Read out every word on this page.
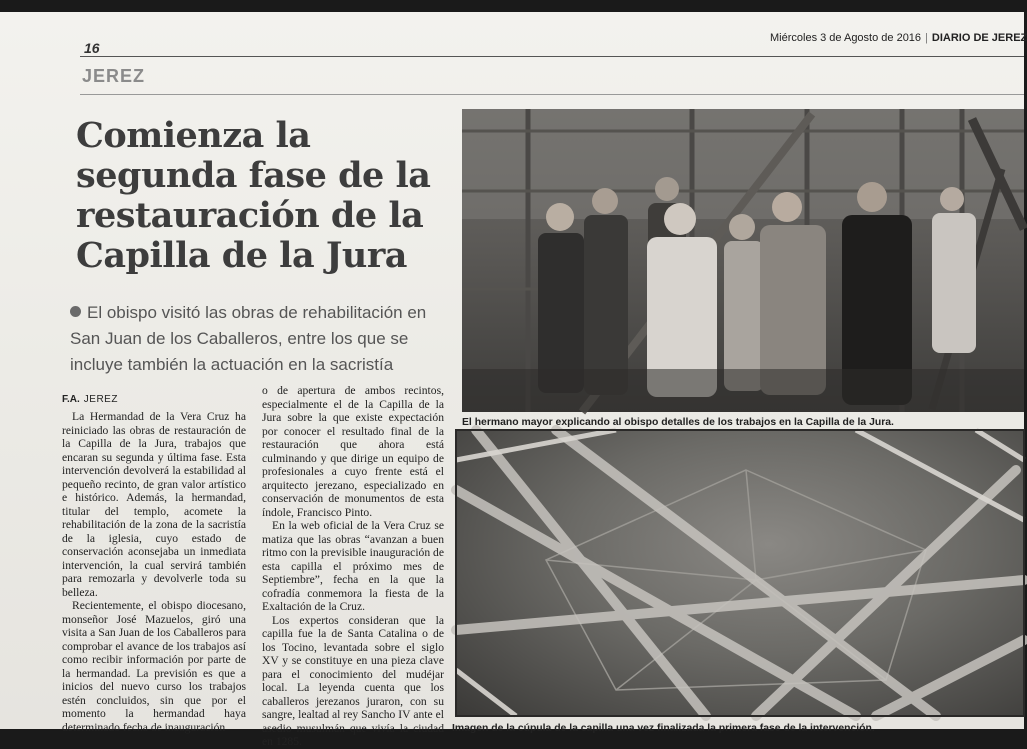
16
Miércoles 3 de Agosto de 2016 | DIARIO DE JEREZ
JEREZ
Comienza la segunda fase de la restauración de la Capilla de la Jura
El obispo visitó las obras de rehabilitación en San Juan de los Caballeros, entre los que se incluye también la actuación en la sacristía
F.A. JEREZ

La Hermandad de la Vera Cruz ha reiniciado las obras de restauración de la Capilla de la Jura, trabajos que encaran su segunda y última fase. Esta intervención devolverá la estabilidad al pequeño recinto, de gran valor artístico e histórico. Además, la hermandad, titular del templo, acomete la rehabilitación de la zona de la sacristía de la iglesia, cuyo estado de conservación aconsejaba un inmediata intervención, la cual servirá también para remozarla y devolverle toda su belleza.

Recientemente, el obispo diocesano, monseñor José Mazuelos, giró una visita a San Juan de los Caballeros para comprobar el avance de los trabajos así como recibir información por parte de la hermandad. La previsión es que a inicios del nuevo curso los trabajos estén concluidos, sin que por el momento la hermandad haya determinado fecha de inauguración

o de apertura de ambos recintos, especialmente el de la Capilla de la Jura sobre la que existe expectación por conocer el resultado final de la restauración que ahora está culminando y que dirige un equipo de profesionales a cuyo frente está el arquitecto jerezano, especializado en conservación de monumentos de esta índole, Francisco Pinto.

En la web oficial de la Vera Cruz se matiza que las obras “avanzan a buen ritmo con la previsible inauguración de esta capilla el próximo mes de Septiembre”, fecha en la que la cofradía conmemora la fiesta de la Exaltación de la Cruz.

Los expertos consideran que la capilla fue la de Santa Catalina o de los Tocino, levantada sobre el siglo XV y se constituye en una pieza clave para el conocimiento del mudéjar local. La leyenda cuenta que los caballeros jerezanos juraron, con su sangre, lealtad al rey Sancho IV ante el asedio musulmán que vivía la ciudad en 1285.

El hermano mayor explicando al obispo detalles de los trabajos en la Capilla de la Jura.
Imagen de la cúpula de la capilla una vez finalizada la primera fase de la intervención.
